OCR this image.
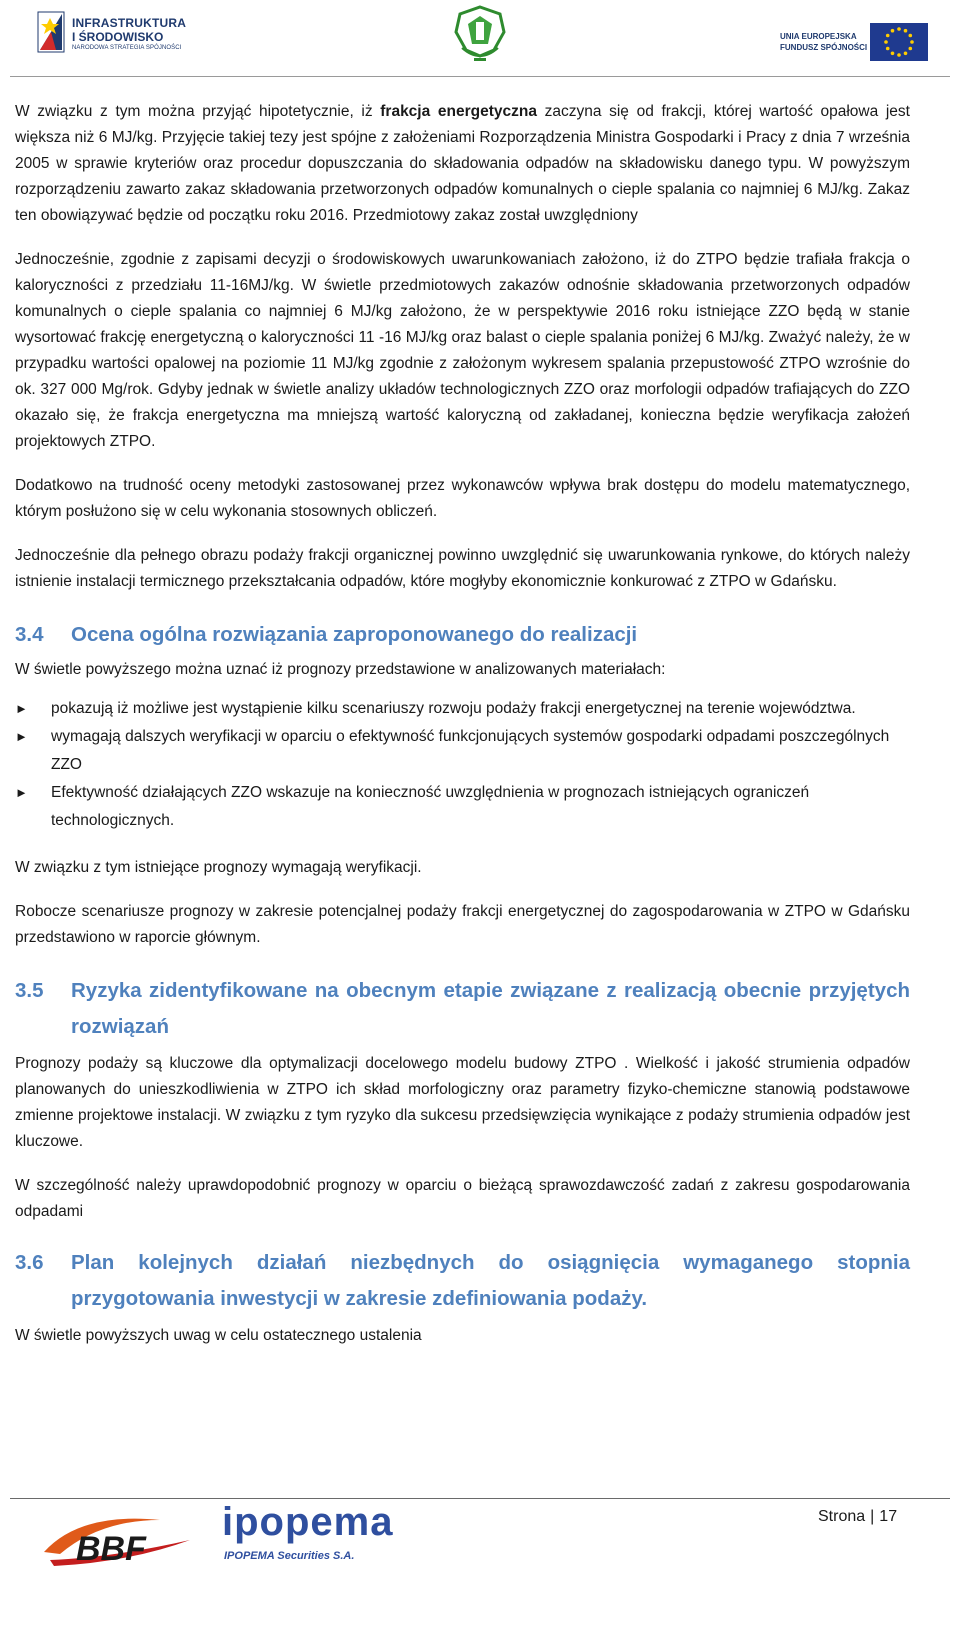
INFRASTRUKTURA
I ŚRODOWISKO
NARODOWA STRATEGIA SPÓJNOŚCI
UNIA EUROPEJSKA
FUNDUSZ SPÓJNOŚCI

W związku z tym można przyjąć hipotetycznie, iż frakcja energetyczna zaczyna się od frakcji, której wartość opałowa jest większa niż 6 MJ/kg. Przyjęcie takiej tezy jest spójne z założeniami Rozporządzenia Ministra Gospodarki i Pracy z dnia 7 września 2005 w sprawie kryteriów oraz procedur dopuszczania do składowania odpadów na składowisku danego typu. W powyższym rozporządzeniu zawarto zakaz składowania przetworzonych odpadów komunalnych o cieple spalania co najmniej 6 MJ/kg. Zakaz ten obowiązywać będzie od początku roku 2016. Przedmiotowy zakaz został uwzględniony

Jednocześnie, zgodnie z zapisami decyzji o środowiskowych uwarunkowaniach założono, iż do ZTPO będzie trafiała frakcja o kaloryczności z przedziału 11-16MJ/kg. W świetle przedmiotowych zakazów odnośnie składowania przetworzonych odpadów komunalnych o cieple spalania co najmniej 6 MJ/kg założono, że w perspektywie 2016 roku istniejące ZZO będą w stanie wysortować frakcję energetyczną o kaloryczności 11 -16 MJ/kg oraz balast o cieple spalania poniżej 6 MJ/kg. Zważyć należy, że w przypadku wartości opalowej na poziomie 11 MJ/kg zgodnie z założonym wykresem spalania przepustowość ZTPO wzrośnie do ok. 327 000 Mg/rok. Gdyby jednak w świetle analizy układów technologicznych ZZO oraz morfologii odpadów trafiających do ZZO okazało się, że frakcja energetyczna ma mniejszą wartość kaloryczną od zakładanej, konieczna będzie weryfikacja założeń projektowych ZTPO.

Dodatkowo na trudność oceny metodyki zastosowanej przez wykonawców wpływa brak dostępu do modelu matematycznego, którym posłużono się w celu wykonania stosownych obliczeń.

Jednocześnie dla pełnego obrazu podaży frakcji organicznej powinno uwzględnić się uwarunkowania rynkowe, do których należy istnienie instalacji termicznego przekształcania odpadów, które mogłyby ekonomicznie konkurować z ZTPO w Gdańsku.

3.4	Ocena ogólna rozwiązania zaproponowanego do realizacji

W świetle powyższego można uznać iż prognozy przedstawione w analizowanych materiałach:

► pokazują iż możliwe jest wystąpienie kilku scenariuszy rozwoju podaży frakcji energetycznej na terenie województwa.
► wymagają dalszych weryfikacji w oparciu o efektywność funkcjonujących systemów gospodarki odpadami poszczególnych ZZO
► Efektywność działających ZZO wskazuje na konieczność uwzględnienia w prognozach istniejących ograniczeń technologicznych.

W związku z tym istniejące prognozy wymagają weryfikacji.

Robocze scenariusze prognozy w zakresie potencjalnej podaży frakcji energetycznej do zagospodarowania w ZTPO w Gdańsku przedstawiono w raporcie głównym.

3.5	Ryzyka zidentyfikowane na obecnym etapie związane z realizacją obecnie przyjętych rozwiązań

Prognozy podaży są kluczowe dla optymalizacji docelowego modelu budowy ZTPO . Wielkość i jakość strumienia odpadów planowanych do unieszkodliwienia w ZTPO ich skład morfologiczny oraz parametry fizyko-chemiczne stanowią podstawowe zmienne projektowe instalacji. W związku z tym ryzyko dla sukcesu przedsięwzięcia wynikające z podaży strumienia odpadów jest kluczowe.

W szczególność należy uprawdopodobnić prognozy w oparciu o bieżącą sprawozdawczość zadań z zakresu gospodarowania odpadami

3.6	Plan kolejnych działań niezbędnych do osiągnięcia wymaganego stopnia przygotowania inwestycji w zakresie zdefiniowania podaży.

W świetle powyższych uwag w celu ostatecznego ustalenia

BBF
ipopema
IPOPEMA Securities S.A.
Strona | 17
